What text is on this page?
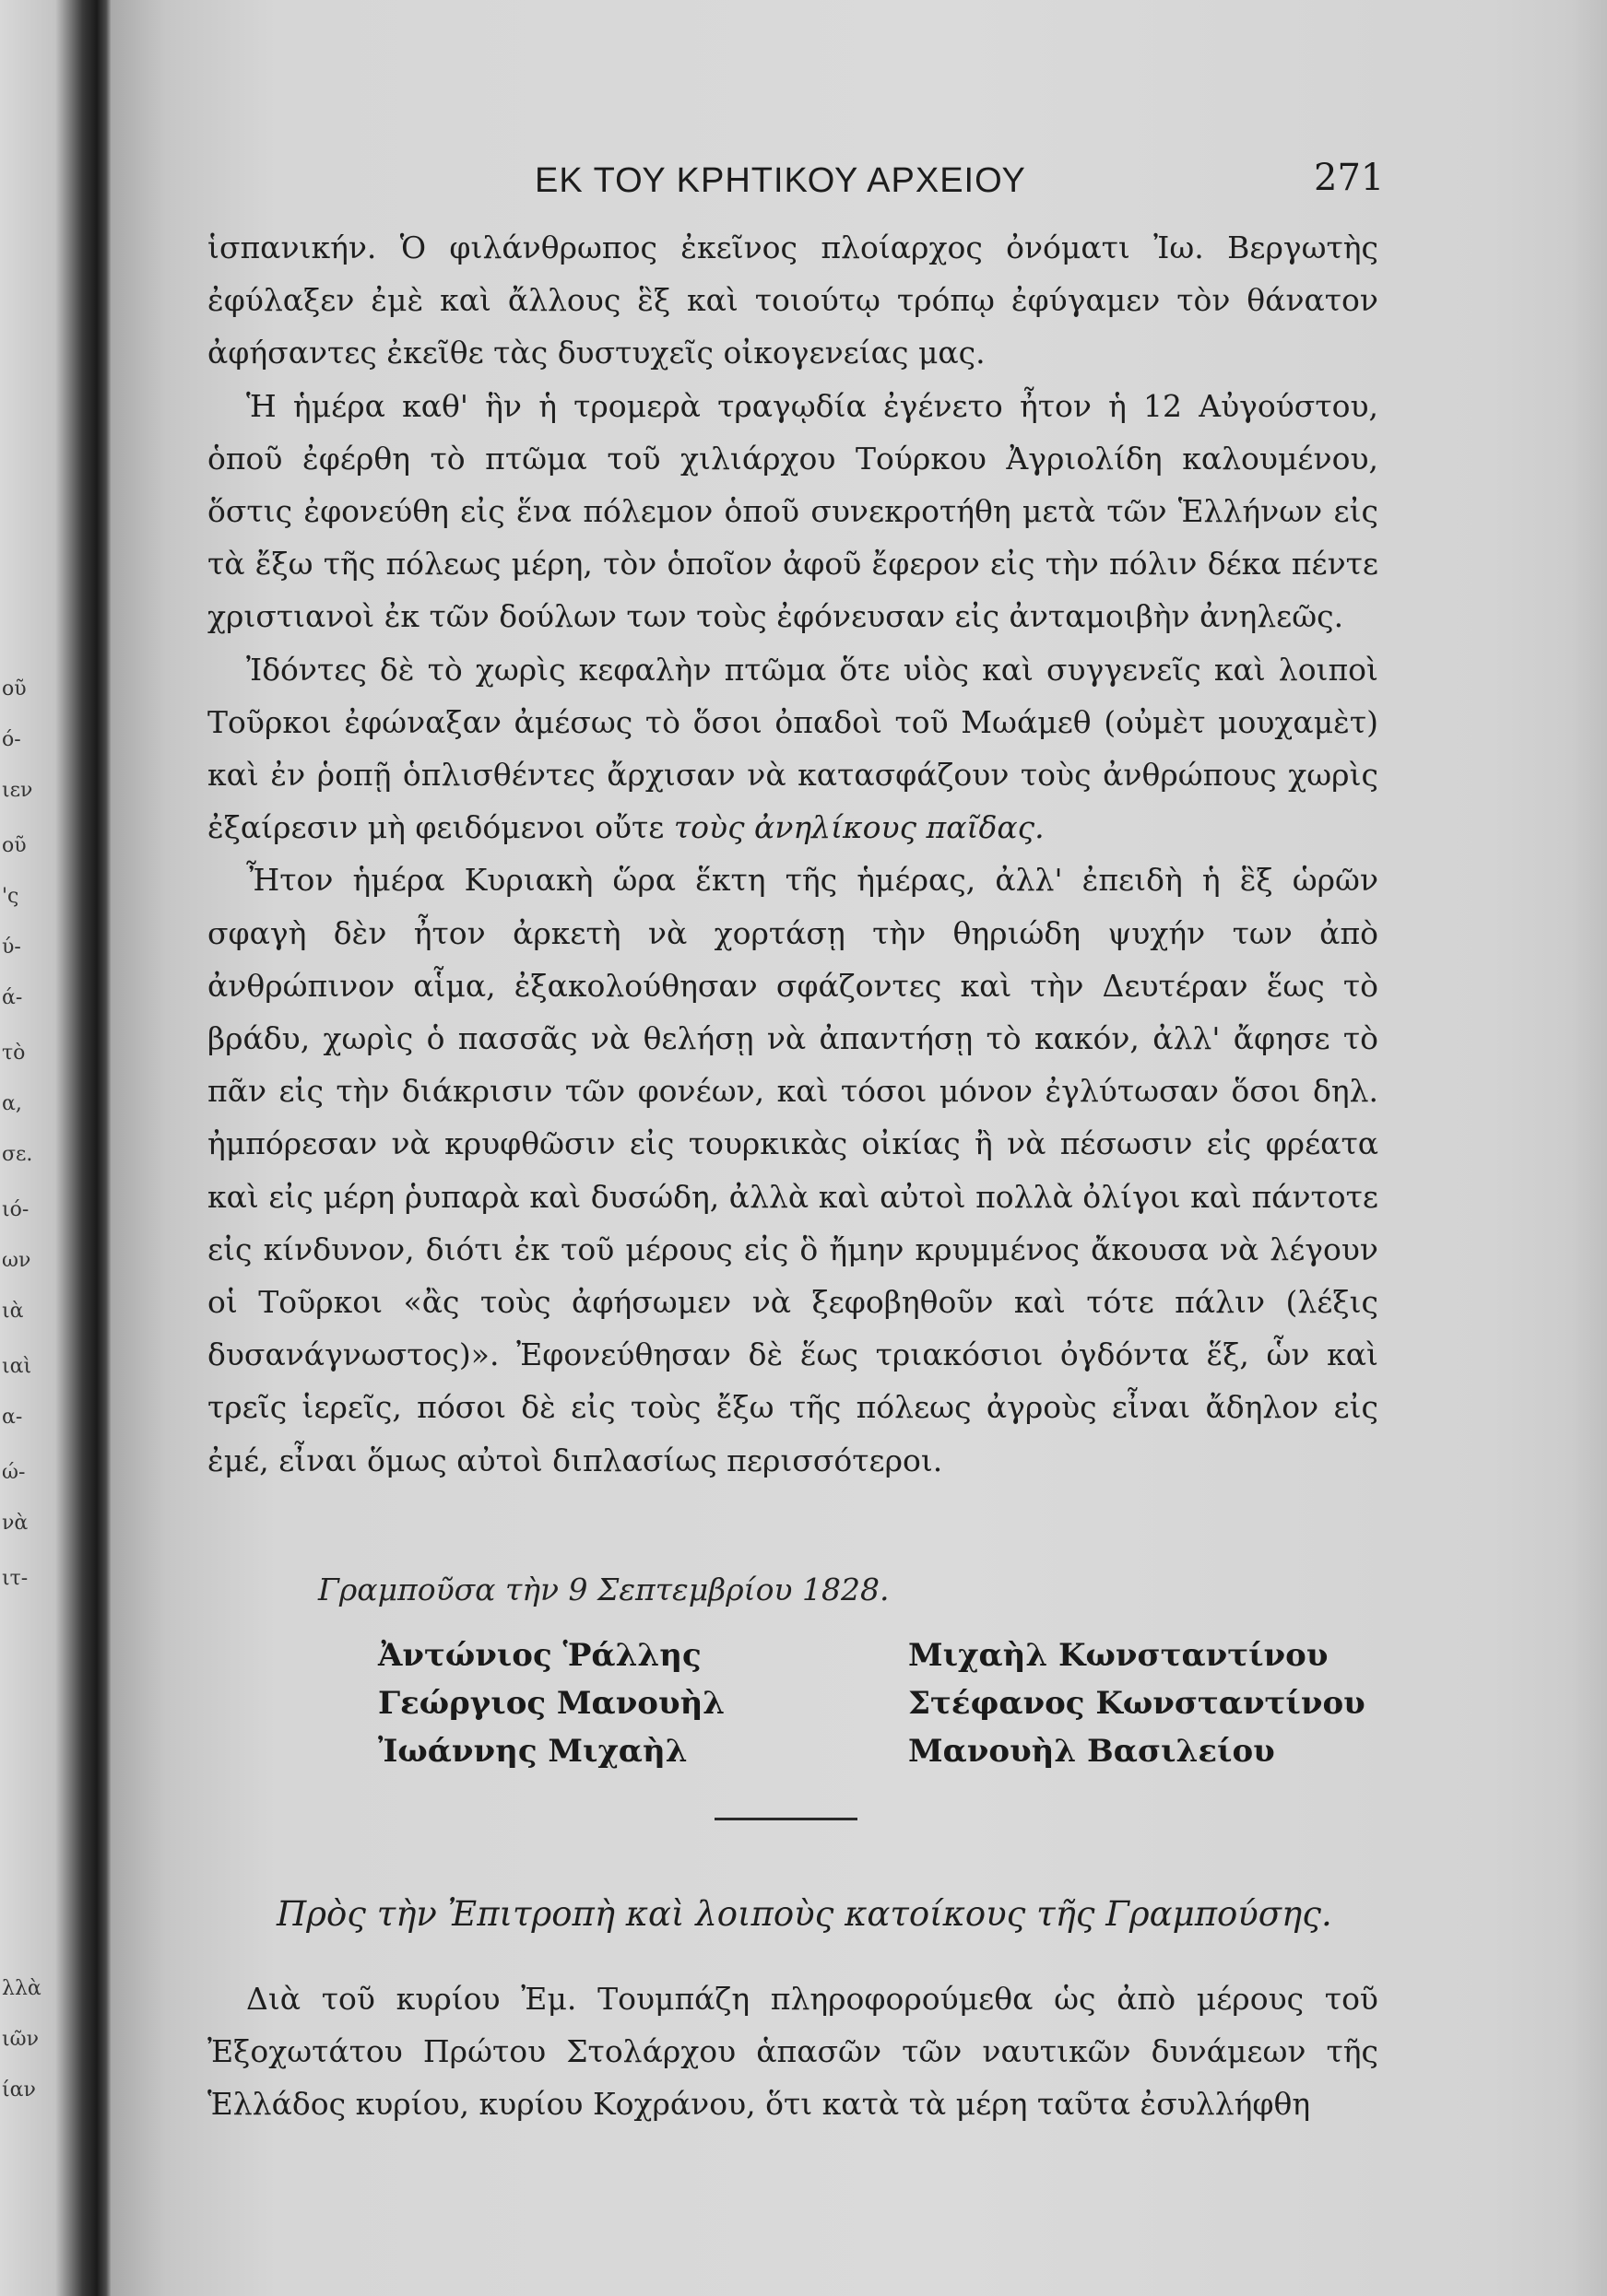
οῦ
ό-
ιεν
οῦ
'ς
ύ-
ά-
τὸ
α,
σε.
ιό-
ων
ιὰ
ιαὶ
α-
ώ-
νὰ
ιτ-
λλὰ
ιῶν
ίαν
ΕΚ ΤΟΥ ΚΡΗΤΙΚΟΥ ΑΡΧΕΙΟΥ	271

ἱσπανικήν. Ὁ φιλάνθρωπος ἐκεῖνος πλοίαρχος ὀνόματι Ἰω. Βεργωτὴς ἐφύλαξεν ἐμὲ καὶ ἄλλους ἓξ καὶ τοιούτῳ τρόπῳ ἐφύγαμεν τὸν θάνατον ἀφήσαντες ἐκεῖθε τὰς δυστυχεῖς οἰκογενείας μας.

Ἡ ἡμέρα καθ' ἣν ἡ τρομερὰ τραγῳδία ἐγένετο ἦτον ἡ 12 Αὐγούστου, ὁποῦ ἐφέρθη τὸ πτῶμα τοῦ χιλιάρχου Τούρκου Ἀγριολίδη καλουμένου, ὅστις ἐφονεύθη εἰς ἕνα πόλεμον ὁποῦ συνεκροτήθη μετὰ τῶν Ἑλλήνων εἰς τὰ ἔξω τῆς πόλεως μέρη, τὸν ὁποῖον ἀφοῦ ἔφερον εἰς τὴν πόλιν δέκα πέντε χριστιανοὶ ἐκ τῶν δούλων των τοὺς ἐφόνευσαν εἰς ἀνταμοιβὴν ἀνηλεῶς.

Ἰδόντες δὲ τὸ χωρὶς κεφαλὴν πτῶμα ὅτε υἱὸς καὶ συγγενεῖς καὶ λοιποὶ Τοῦρκοι ἐφώναξαν ἀμέσως τὸ ὅσοι ὀπαδοὶ τοῦ Μωάμεθ (οὐμὲτ μουχαμὲτ) καὶ ἐν ῥοπῇ ὁπλισθέντες ἄρχισαν νὰ κατασφάζουν τοὺς ἀνθρώπους χωρὶς ἐξαίρεσιν μὴ φειδόμενοι οὔτε τοὺς ἀνηλίκους παῖδας.

Ἦτον ἡμέρα Κυριακὴ ὥρα ἕκτη τῆς ἡμέρας, ἀλλ' ἐπειδὴ ἡ ἓξ ὡρῶν σφαγὴ δὲν ἦτον ἀρκετὴ νὰ χορτάσῃ τὴν θηριώδη ψυχήν των ἀπὸ ἀνθρώπινον αἷμα, ἐξακολούθησαν σφάζοντες καὶ τὴν Δευτέραν ἕως τὸ βράδυ, χωρὶς ὁ πασσᾶς νὰ θελήσῃ νὰ ἀπαντήσῃ τὸ κακόν, ἀλλ' ἄφησε τὸ πᾶν εἰς τὴν διάκρισιν τῶν φονέων, καὶ τόσοι μόνον ἐγλύτωσαν ὅσοι δηλ. ἠμπόρεσαν νὰ κρυφθῶσιν εἰς τουρκικὰς οἰκίας ἢ νὰ πέσωσιν εἰς φρέατα καὶ εἰς μέρη ῥυπαρὰ καὶ δυσώδη, ἀλλὰ καὶ αὐτοὶ πολλὰ ὀλίγοι καὶ πάντοτε εἰς κίνδυνον, διότι ἐκ τοῦ μέρους εἰς ὃ ἤμην κρυμμένος ἄκουσα νὰ λέγουν οἱ Τοῦρκοι «ἂς τοὺς ἀφήσωμεν νὰ ξεφοβηθοῦν καὶ τότε πάλιν (λέξις δυσανάγνωστος)». Ἐφονεύθησαν δὲ ἕως τριακόσιοι ὀγδόντα ἕξ, ὧν καὶ τρεῖς ἱερεῖς, πόσοι δὲ εἰς τοὺς ἔξω τῆς πόλεως ἀγροὺς εἶναι ἄδηλον εἰς ἐμέ, εἶναι ὅμως αὐτοὶ διπλασίως περισσότεροι.

Γραμποῦσα τὴν 9 Σεπτεμβρίου 1828.
Ἀντώνιος Ῥάλλης
Γεώργιος Μανουὴλ
Ἰωάννης Μιχαὴλ
Μιχαὴλ Κωνσταντίνου
Στέφανος Κωνσταντίνου
Μανουὴλ Βασιλείου
Πρὸς τὴν Ἐπιτροπὴ καὶ λοιποὺς κατοίκους τῆς Γραμπούσης.

Διὰ τοῦ κυρίου Ἐμ. Τουμπάζη πληροφορούμεθα ὡς ἀπὸ μέρους τοῦ Ἐξοχωτάτου Πρώτου Στολάρχου ἁπασῶν τῶν ναυτικῶν δυνάμεων τῆς Ἑλλάδος κυρίου, κυρίου Κοχράνου, ὅτι κατὰ τὰ μέρη ταῦτα ἐσυλλήφθη
